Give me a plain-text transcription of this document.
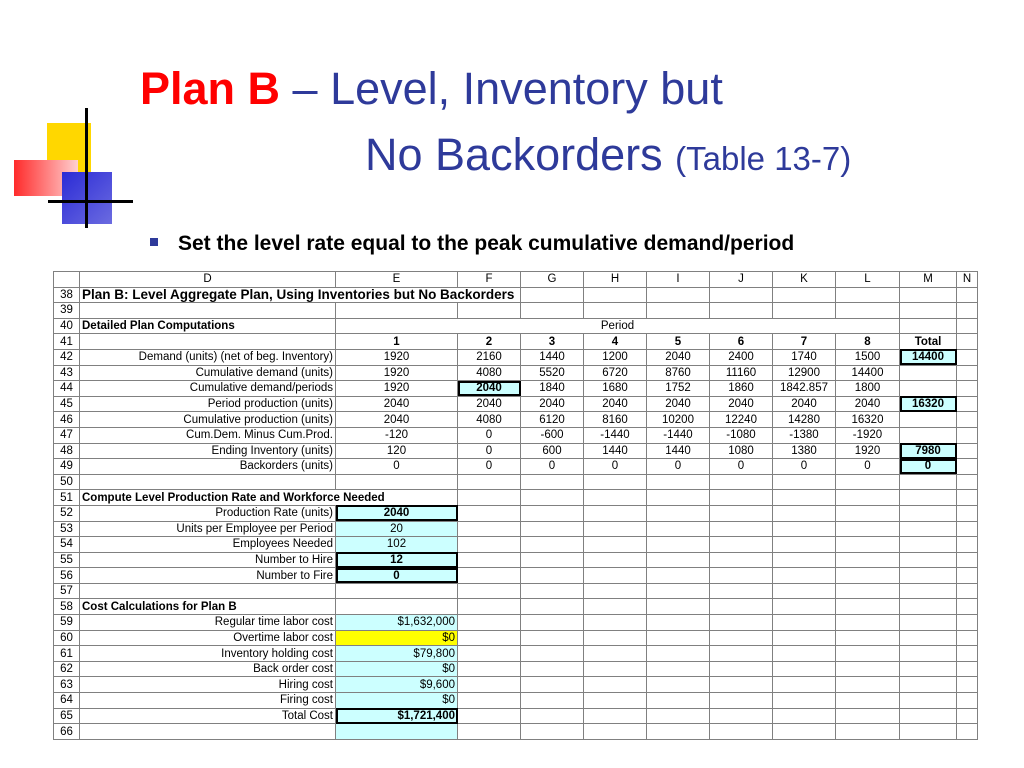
Plan B – Level, Inventory but
No Backorders (Table 13-7)
Set the level rate equal to the peak cumulative demand/period
	D	E	F	G	H	I	J	K	L	M	N
38	Plan B: Level Aggregate Plan, Using Inventories but No Backorders										
39											
40	Detailed Plan Computations	Period									
41		1	2	3	4	5	6	7	8	Total	
42	Demand (units) (net of beg. Inventory)	1920	2160	1440	1200	2040	2400	1740	1500	14400	
43	Cumulative demand (units)	1920	4080	5520	6720	8760	11160	12900	14400		
44	Cumulative demand/periods	1920	2040	1840	1680	1752	1860	1842.857	1800		
45	Period production (units)	2040	2040	2040	2040	2040	2040	2040	2040	16320	
46	Cumulative production (units)	2040	4080	6120	8160	10200	12240	14280	16320		
47	Cum.Dem. Minus Cum.Prod.	-120	0	-600	-1440	-1440	-1080	-1380	-1920		
48	Ending Inventory (units)	120	0	600	1440	1440	1080	1380	1920	7980	
49	Backorders (units)	0	0	0	0	0	0	0	0	0	
50											
51	Compute Level Production Rate and Workforce Needed										
52	Production Rate (units)	2040									
53	Units per Employee per Period	20									
54	Employees Needed	102									
55	Number to Hire	12									
56	Number to Fire	0									
57											
58	Cost Calculations for Plan B										
59	Regular time labor cost	$1,632,000									
60	Overtime labor cost	$0									
61	Inventory holding cost	$79,800									
62	Back order cost	$0									
63	Hiring cost	$9,600									
64	Firing cost	$0									
65	Total Cost	$1,721,400									
66											
